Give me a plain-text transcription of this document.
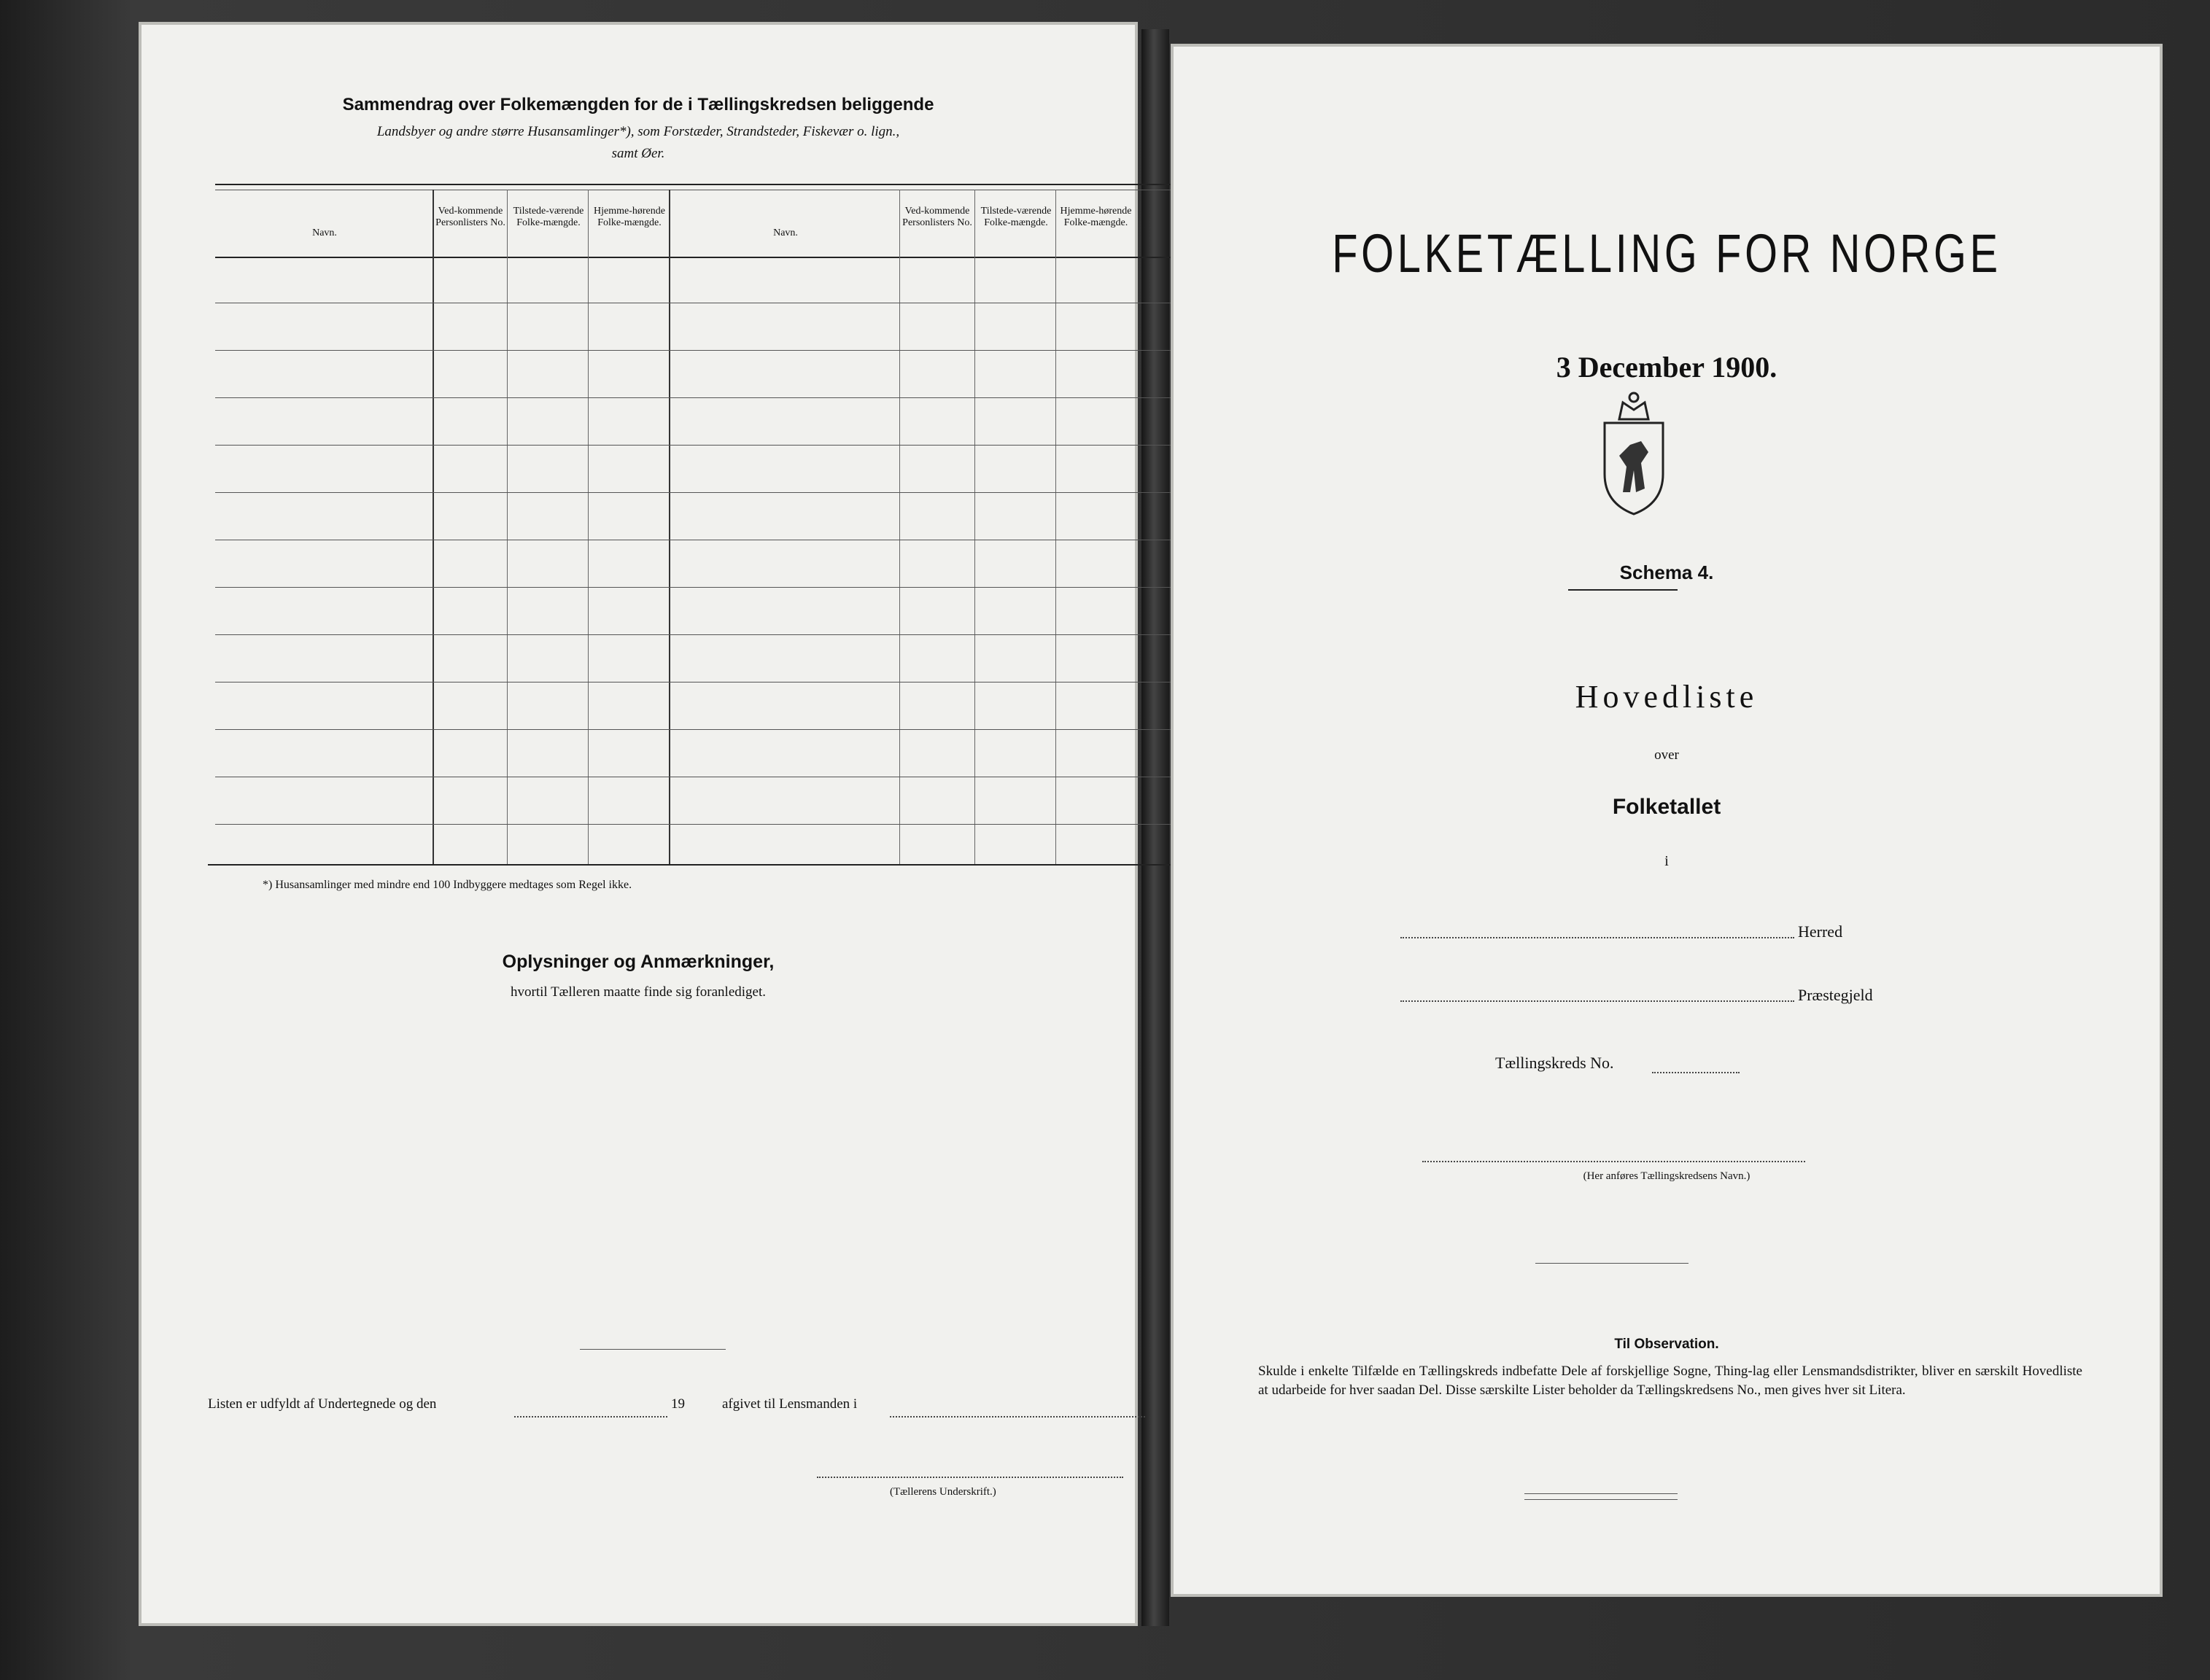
Sammendrag over Folkemængden for de i Tællingskredsen beliggende
Landsbyer og andre større Husansamlinger*), som Forstæder, Strandsteder, Fiskevær o. lign.,
samt Øer.
Navn.
Ved-kommende Personlisters No.
Tilstede-værende Folke-mængde.
Hjemme-hørende Folke-mængde.
Navn.
Ved-kommende Personlisters No.
Tilstede-værende Folke-mængde.
Hjemme-hørende Folke-mængde.
*) Husansamlinger med mindre end 100 Indbyggere medtages som Regel ikke.
Oplysninger og Anmærkninger,
hvortil Tælleren maatte finde sig foranlediget.
Listen er udfyldt af Undertegnede og den	19	afgivet til Lensmanden i
(Tællerens Underskrift.)
FOLKETÆLLING FOR NORGE
3 December 1900.
Schema 4.
Hovedliste
over
Folketallet
i
Herred
Præstegjeld
Tællingskreds No.
(Her anføres Tællingskredsens Navn.)
Til Observation.
Skulde i enkelte Tilfælde en Tællingskreds indbefatte Dele af forskjellige Sogne, Thing-lag eller Lensmandsdistrikter, bliver en særskilt Hovedliste at udarbeide for hver saadan Del. Disse særskilte Lister beholder da Tællingskredsens No., men gives hver sit Litera.
